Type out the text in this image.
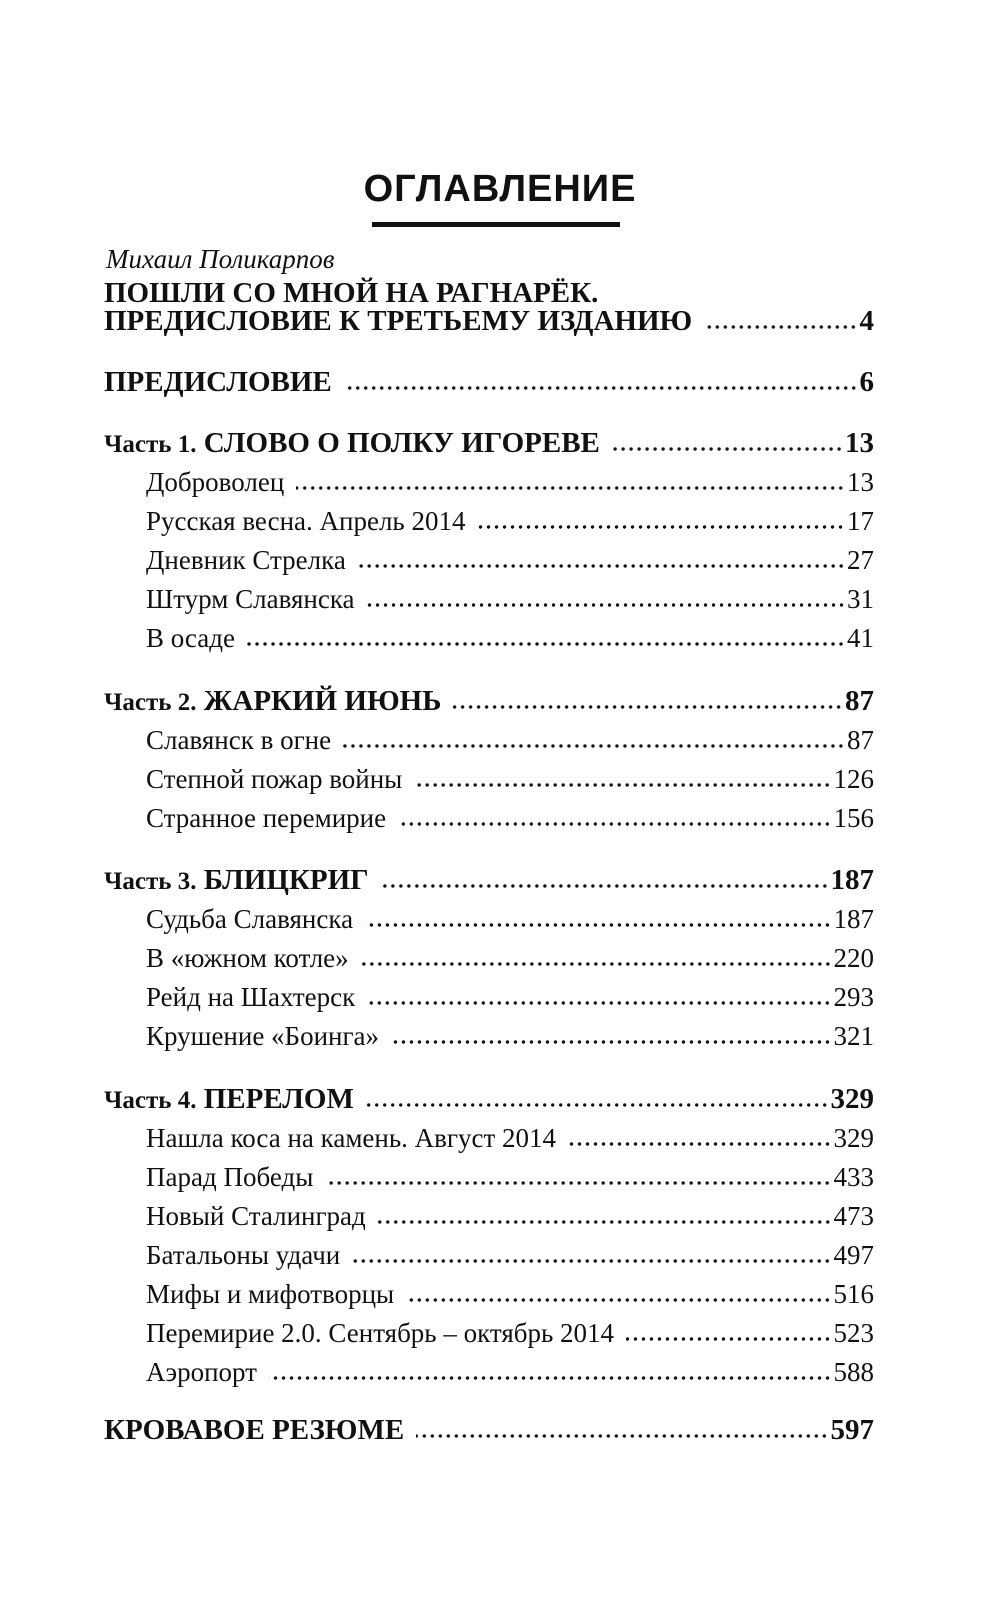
ОГЛАВЛЕНИЕ
Михаил Поликарпов
ПОШЛИ СО МНОЙ НА РАГНАРЁК.
ПРЕДИСЛОВИЕ К ТРЕТЬЕМУ ИЗДАНИЮ	4
ПРЕДИСЛОВИЕ	6
Часть 1. СЛОВО О ПОЛКУ ИГОРЕВЕ	13
Доброволец	13
Русская весна. Апрель 2014	17
Дневник Стрелка	27
Штурм Славянска	31
В осаде	41
Часть 2. ЖАРКИЙ ИЮНЬ	87
Славянск в огне	87
Степной пожар войны	126
Странное перемирие	156
Часть 3. БЛИЦКРИГ	187
Судьба Славянска	187
В «южном котле»	220
Рейд на Шахтерск	293
Крушение «Боинга»	321
Часть 4. ПЕРЕЛОМ	329
Нашла коса на камень. Август 2014	329
Парад Победы	433
Новый Сталинград	473
Батальоны удачи	497
Мифы и мифотворцы	516
Перемирие 2.0. Сентябрь – октябрь 2014	523
Аэропорт	588
КРОВАВОЕ РЕЗЮМЕ	597
